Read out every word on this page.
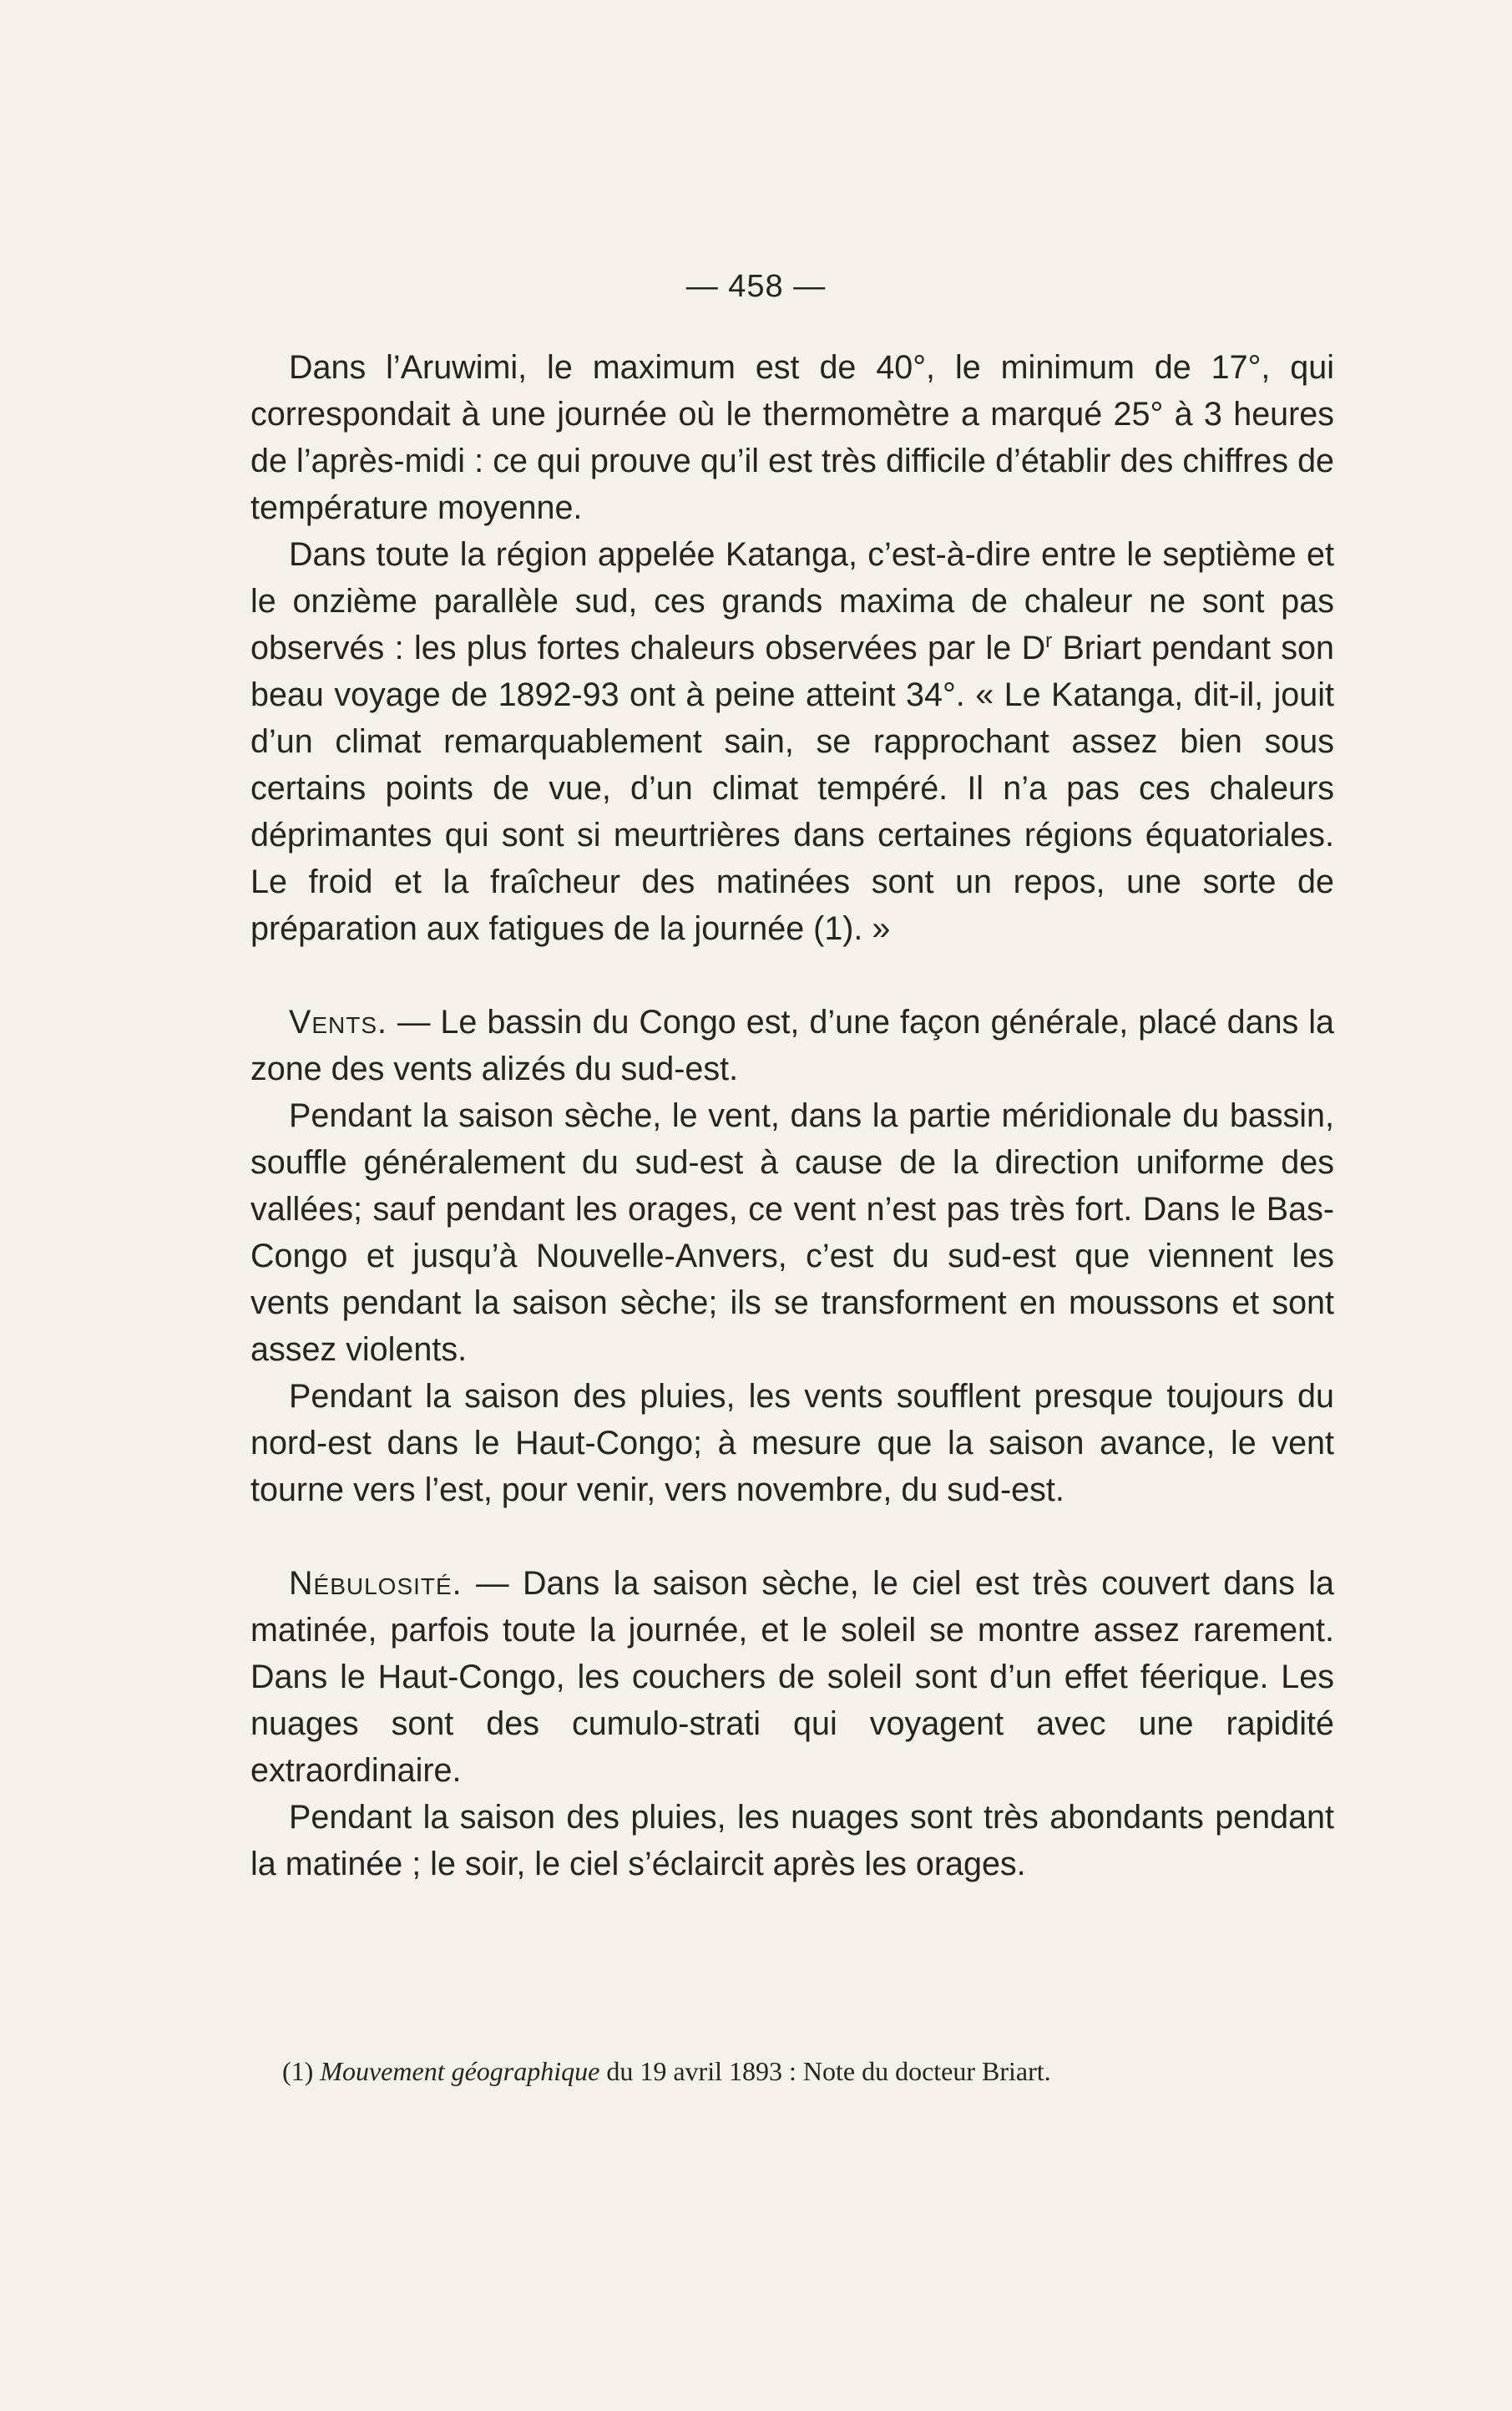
— 458 —

Dans l’Aruwimi, le maximum est de 40°, le minimum de 17°, qui correspondait à une journée où le thermomètre a marqué 25° à 3 heures de l’après-midi : ce qui prouve qu’il est très difficile d’établir des chiffres de température moyenne.

Dans toute la région appelée Katanga, c’est-à-dire entre le septième et le onzième parallèle sud, ces grands maxima de chaleur ne sont pas observés : les plus fortes chaleurs observées par le $D^r$ Briart pendant son beau voyage de 1892-93 ont à peine atteint 34°. « Le Katanga, dit-il, jouit d’un climat remarquablement sain, se rapprochant assez bien sous certains points de vue, d’un climat tempéré. Il n’a pas ces chaleurs déprimantes qui sont si meurtrières dans certaines régions équatoriales. Le froid et la fraîcheur des matinées sont un repos, une sorte de préparation aux fatigues de la journée (1). »

Vents. — Le bassin du Congo est, d’une façon générale, placé dans la zone des vents alizés du sud-est.

Pendant la saison sèche, le vent, dans la partie méridionale du bassin, souffle généralement du sud-est à cause de la direction uniforme des vallées; sauf pendant les orages, ce vent n’est pas très fort. Dans le Bas-Congo et jusqu’à Nouvelle-Anvers, c’est du sud-est que viennent les vents pendant la saison sèche; ils se transforment en moussons et sont assez violents.

Pendant la saison des pluies, les vents soufflent presque toujours du nord-est dans le Haut-Congo; à mesure que la saison avance, le vent tourne vers l’est, pour venir, vers novembre, du sud-est.

Nébulosité. — Dans la saison sèche, le ciel est très couvert dans la matinée, parfois toute la journée, et le soleil se montre assez rarement. Dans le Haut-Congo, les couchers de soleil sont d’un effet féerique. Les nuages sont des cumulo-strati qui voyagent avec une rapidité extraordinaire.

Pendant la saison des pluies, les nuages sont très abondants pendant la matinée ; le soir, le ciel s’éclaircit après les orages.

(1) Mouvement géographique du 19 avril 1893 : Note du docteur Briart.
